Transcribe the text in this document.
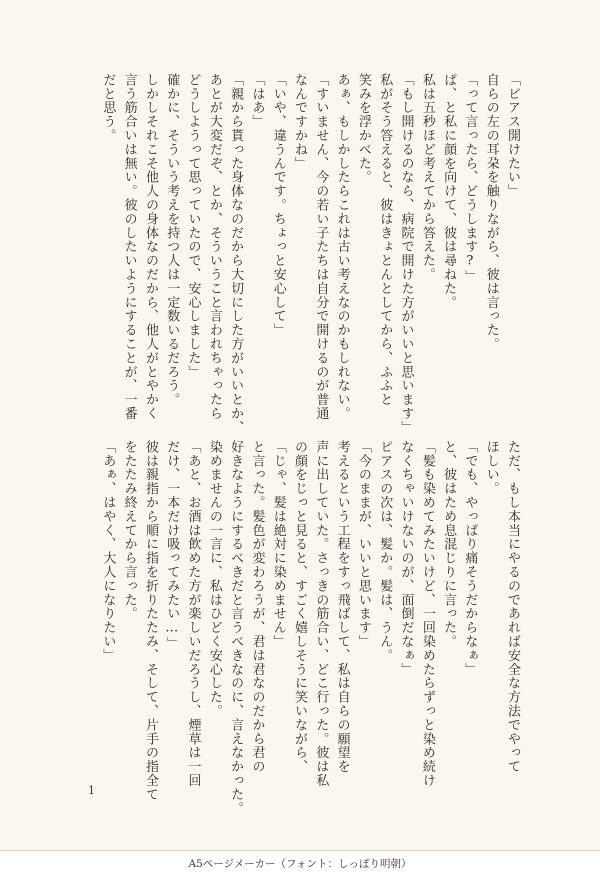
「ピアス開けたい」
自らの左の耳朶を触りながら、彼は言った。
「って言ったら、どうします?」
ぱ、と私に顔を向けて、彼は尋ねた。
私は五秒ほど考えてから答えた。
「もし開けるのなら、病院で開けた方がいいと思います」
私がそう答えると、彼はきょとんとしてから、ふふと
笑みを浮かべた。
あぁ、もしかしたらこれは古い考えなのかもしれない。
「すいません、今の若い子たちは自分で開けるのが普通
なんですかね」
「いや、違うんです。ちょっと安心して」
「はあ」
「親から貰った身体なのだから大切にした方がいいとか、
あとが大変だぞ、とか、そういうこと言われちゃったら
どうしようって思っていたので、安心しました」
確かに、そういう考えを持つ人は一定数いるだろう。
しかしそれこそ他人の身体なのだから、他人がとやかく
言う筋合いは無い。彼のしたいようにすることが、一番
だと思う。
ただ、もし本当にやるのであれば安全な方法でやって
ほしい。
「でも、やっぱり痛そうだからなぁ」
と、彼はため息混じりに言った。
「髪も染めてみたいけど、一回染めたらずっと染め続け
なくちゃいけないのが、面倒だなぁ」
ピアスの次は、髪か。髪は、うん。
「今のままが、いいと思います」
考えるという工程をすっ飛ばして、私は自らの願望を
声に出していた。さっきの筋合い、どこ行った。彼は私
の顔をじっと見ると、すごく嬉しそうに笑いながら、
「じゃ、髪は絶対に染めません」
と言った。髪色が変わろうが、君は君なのだから君の
好きなようにするべきだと言うべきなのに、言えなかった。
染めませんの一言に、私はひどく安心した。
「あと、お酒は飲めた方が楽しいだろうし、煙草は一回
だけ、一本だけ吸ってみたい…」
彼は親指から順に指を折りたたみ、そして、片手の指全て
をたたみ終えてから言った。
「あぁ、はやく、大人になりたい」
1
A5ページメーカー（フォント：しっぽり明朝）
